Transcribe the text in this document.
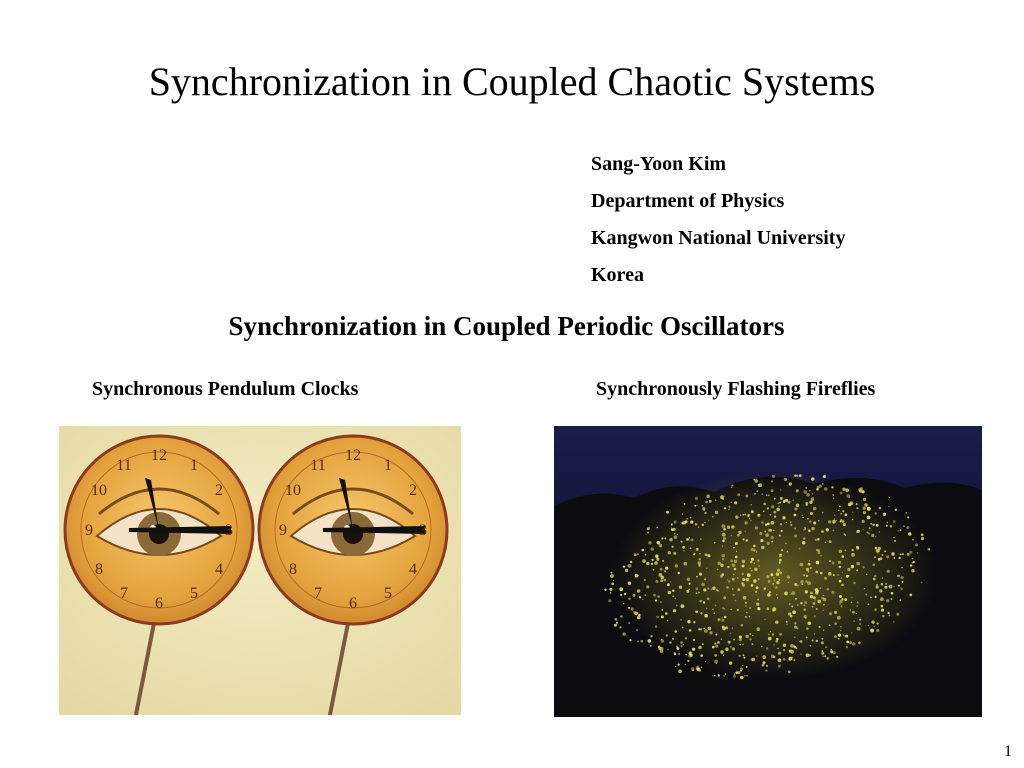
Synchronization in Coupled Chaotic Systems
Sang-Yoon Kim
Department of Physics
Kangwon National University
Korea
Synchronization in Coupled Periodic Oscillators
Synchronous Pendulum Clocks	Synchronously Flashing Fireflies
12
1
2
3
4
5
6
7
8
9
10
11
12
1
2
3
4
5
6
7
8
9
10
11
1
